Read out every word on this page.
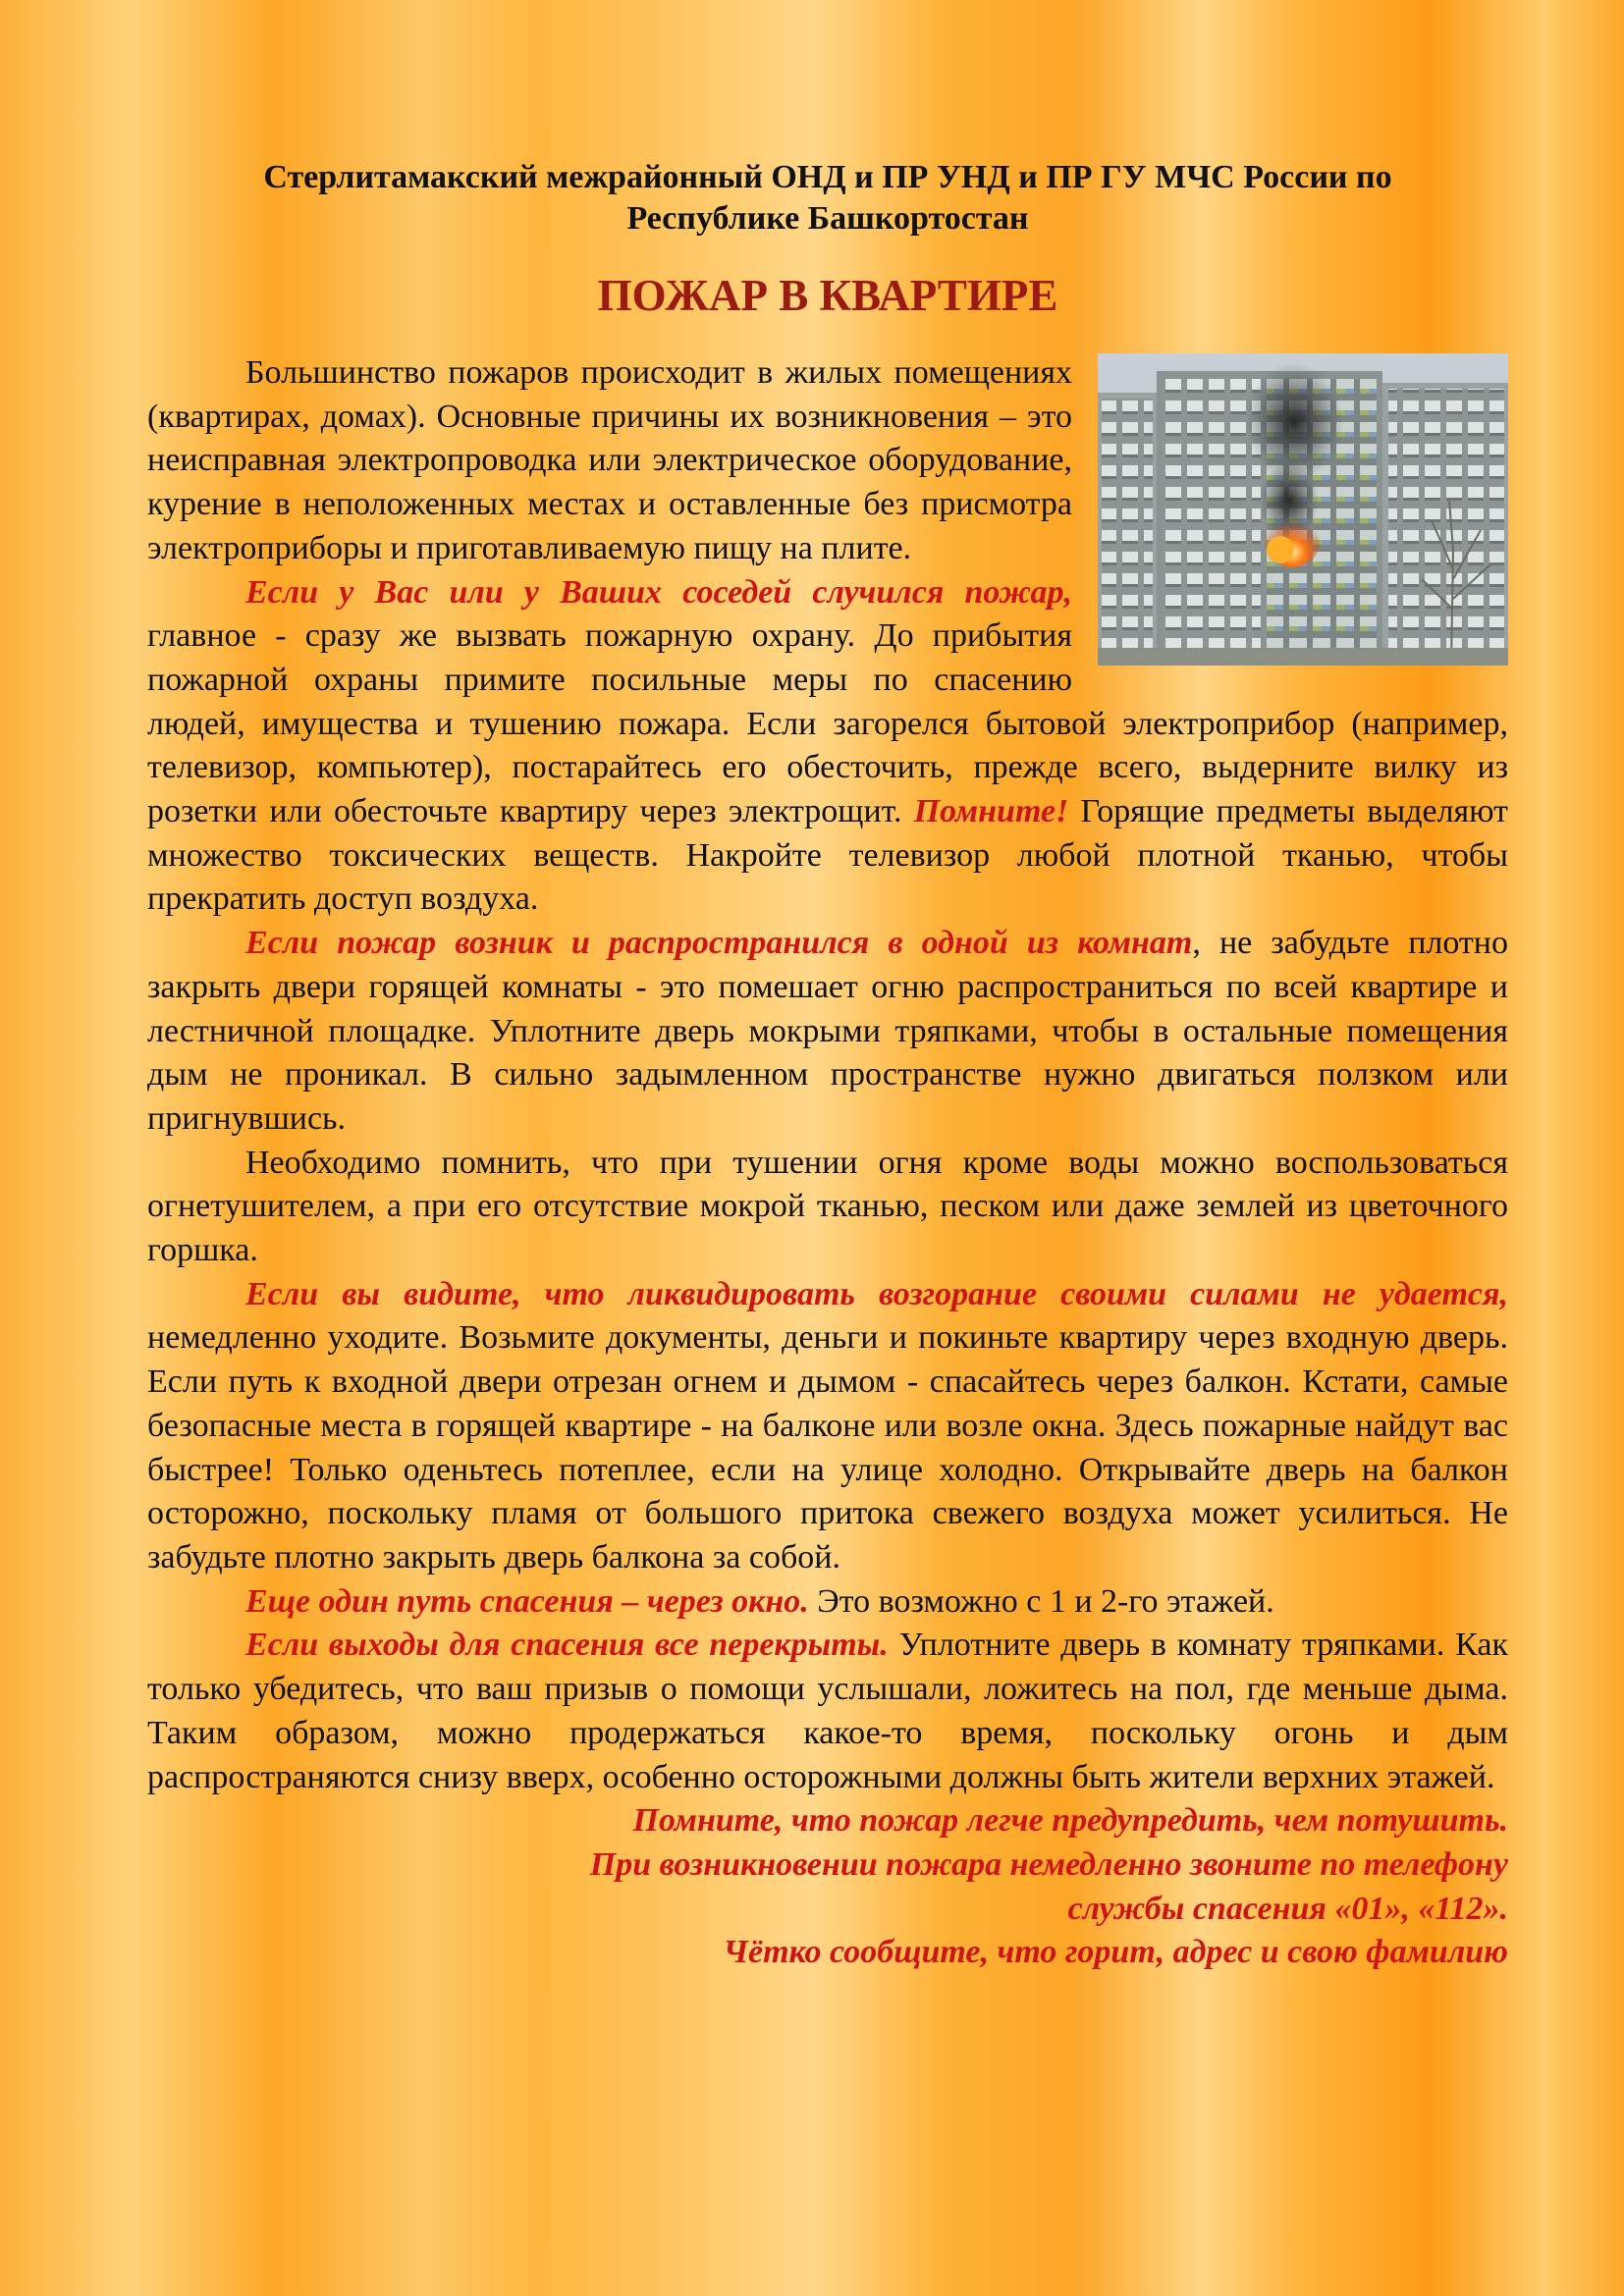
Стерлитамакский межрайонный ОНД и ПР УНД и ПР ГУ МЧС России по
Республике Башкортостан

ПОЖАР В КВАРТИРЕ

Большинство пожаров происходит в жилых помещениях (квартирах, домах). Основные причины их возникновения – это неисправная электропроводка или электрическое оборудование, курение в неположенных местах и оставленные без присмотра электроприборы и приготавливаемую пищу на плите.

Если у Вас или у Ваших соседей случился пожар, главное - сразу же вызвать пожарную охрану. До прибытия пожарной охраны примите посильные меры по спасению людей, имущества и тушению пожара. Если загорелся бытовой электроприбор (например, телевизор, компьютер), постарайтесь его обесточить, прежде всего, выдерните вилку из розетки или обесточьте квартиру через электрощит. Помните! Горящие предметы выделяют множество токсических веществ. Накройте телевизор любой плотной тканью, чтобы прекратить доступ воздуха.

Если пожар возник и распространился в одной из комнат, не забудьте плотно закрыть двери горящей комнаты - это помешает огню распространиться по всей квартире и лестничной площадке. Уплотните дверь мокрыми тряпками, чтобы в остальные помещения дым не проникал. В сильно задымленном пространстве нужно двигаться ползком или пригнувшись.

Необходимо помнить, что при тушении огня кроме воды можно воспользоваться огнетушителем, а при его отсутствие мокрой тканью, песком или даже землей из цветочного горшка.

Если вы видите, что ликвидировать возгорание своими силами не удается, немедленно уходите. Возьмите документы, деньги и покиньте квартиру через входную дверь. Если путь к входной двери отрезан огнем и дымом - спасайтесь через балкон. Кстати, самые безопасные места в горящей квартире - на балконе или возле окна. Здесь пожарные найдут вас быстрее! Только оденьтесь потеплее, если на улице холодно. Открывайте дверь на балкон осторожно, поскольку пламя от большого притока свежего воздуха может усилиться. Не забудьте плотно закрыть дверь балкона за собой.

Еще один путь спасения – через окно. Это возможно с 1 и 2-го этажей.

Если выходы для спасения все перекрыты. Уплотните дверь в комнату тряпками. Как только убедитесь, что ваш призыв о помощи услышали, ложитесь на пол, где меньше дыма. Таким образом, можно продержаться какое-то время, поскольку огонь и дым распространяются снизу вверх, особенно осторожными должны быть жители верхних этажей.

Помните, что пожар легче предупредить, чем потушить.
При возникновении пожара немедленно звоните по телефону
службы спасения «01», «112».
Чётко сообщите, что горит, адрес и свою фамилию
